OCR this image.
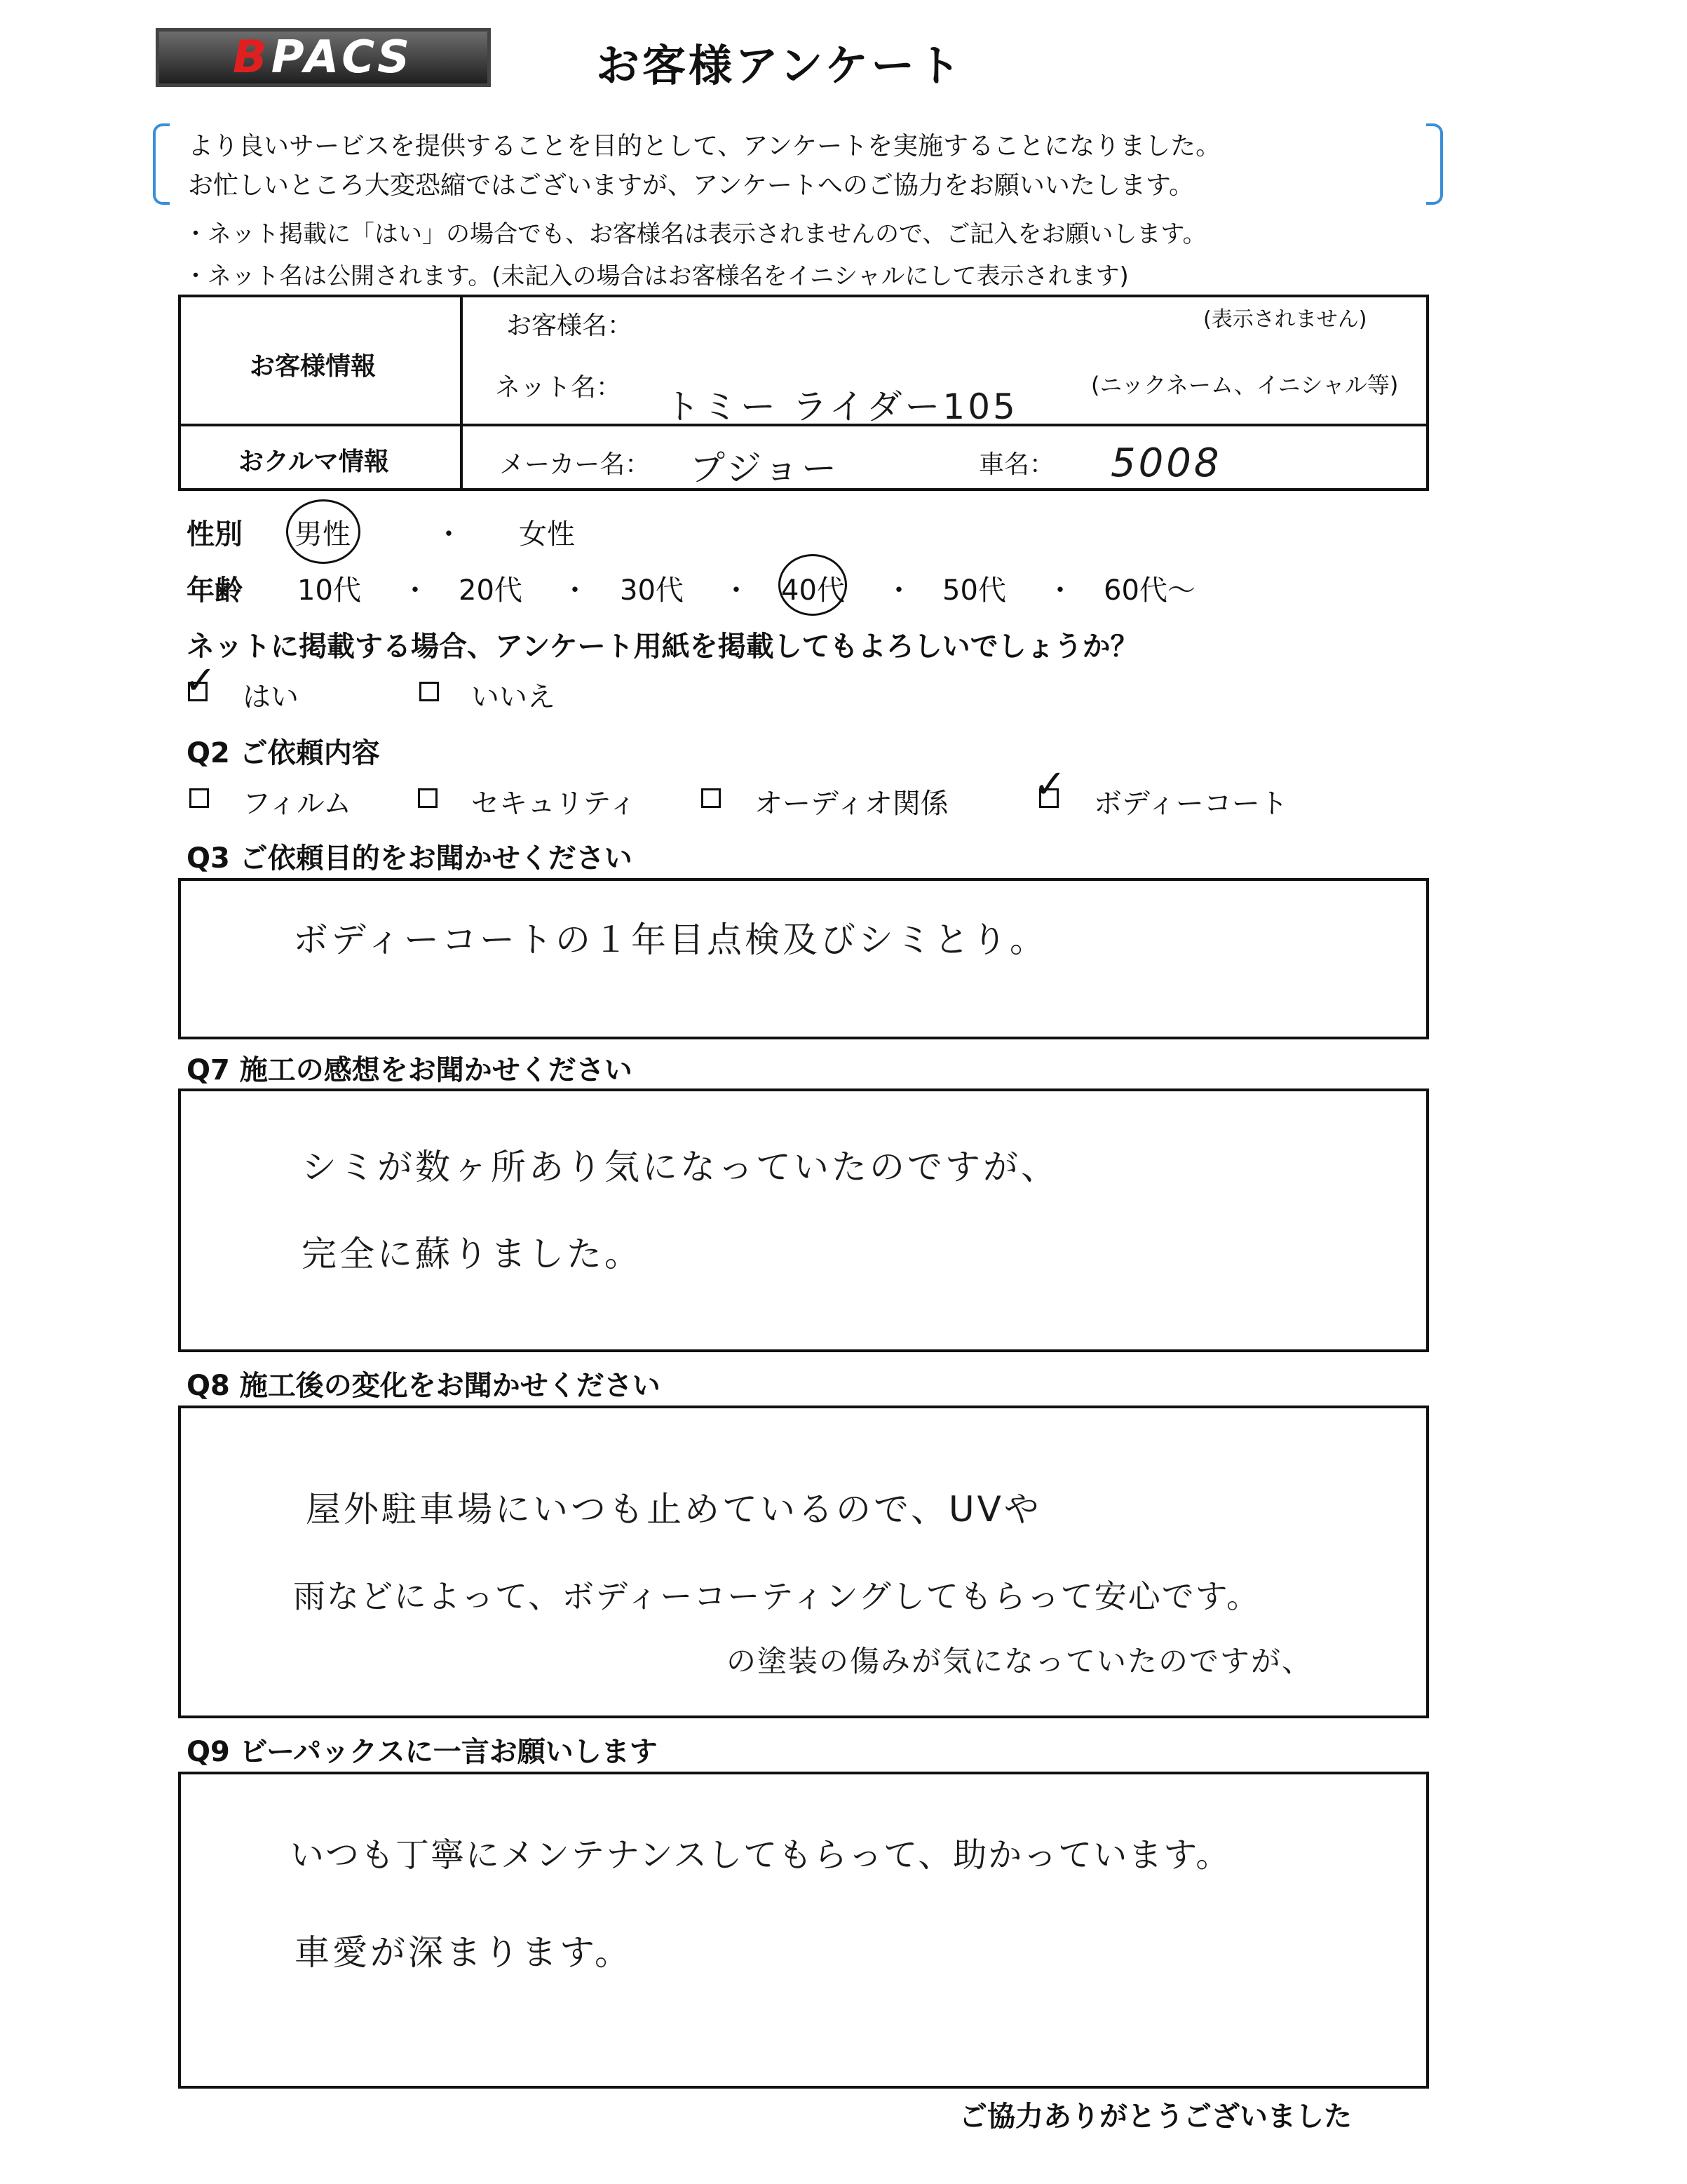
BPACS	お客様アンケート
より良いサービスを提供することを目的として、アンケートを実施することになりました。
お忙しいところ大変恐縮ではございますが、アンケートへのご協力をお願いいたします。
・ネット掲載に「はい」の場合でも、お客様名は表示されませんので、ご記入をお願いします。
・ネット名は公開されます。(未記入の場合はお客様名をイニシャルにして表示されます)
お客様情報
お客様名：	(表示されません)
ネット名： トミー ライダー105
(ニックネーム、イニシャル等)
おクルマ情報	メーカー名： プジョー	車名： 5008
性別 男性	・ 女性
年齢 10代 ・ 20代 ・ 30代 ・ 40代 ・ 50代 ・ 60代～
ネットに掲載する場合、アンケート用紙を掲載してもよろしいでしょうか？
✓ はい	いいえ
Q2 ご依頼内容
フィルム	セキュリティ	オーディオ関係 ✓ ボディーコート
Q3 ご依頼目的をお聞かせください
ボディーコートの１年目点検及びシミとり。
Q7 施工の感想をお聞かせください
シミが数ヶ所あり気になっていたのですが、
完全に蘇りました。
Q8 施工後の変化をお聞かせください
屋外駐車場にいつも止めているので、UVや
雨などによって、ボディーコーティングしてもらって安心です。
の塗装の傷みが気になっていたのですが、
Q9 ビーパックスに一言お願いします
いつも丁寧にメンテナンスしてもらって、助かっています。
車愛が深まります。
ご協力ありがとうございました
